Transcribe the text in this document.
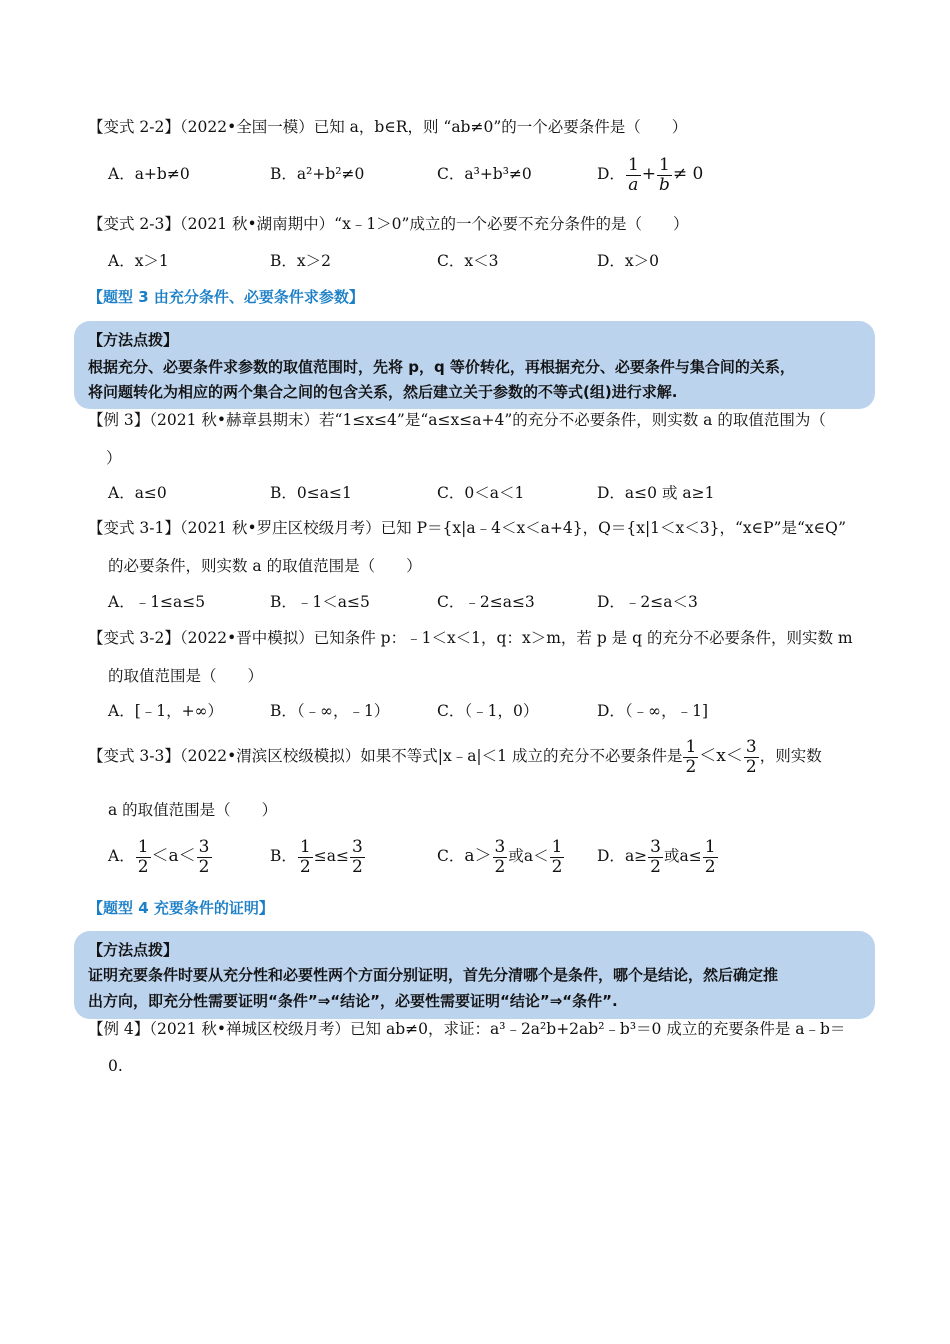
【变式 2-2】（2022•全国一模）已知 a，b∈R，则 “ab≠0”的一个必要条件是（　　）
A．a+b≠0	B．a²+b²≠0	C．a³+b³≠0	D． $\frac{1}{a} + \frac{1}{b} \ne 0$
【变式 2-3】（2021 秋•湖南期中）“x﹣1＞0”成立的一个必要不充分条件的是（　　）
A．x＞1	B．x＞2	C．x＜3	D．x＞0
【题型 3 由充分条件、必要条件求参数】
【方法点拨】
根据充分、必要条件求参数的取值范围时，先将 p，q 等价转化，再根据充分、必要条件与集合间的关系，
将问题转化为相应的两个集合之间的包含关系，然后建立关于参数的不等式(组)进行求解.
【例 3】（2021 秋•赫章县期末）若“1≤x≤4”是“a≤x≤a+4”的充分不必要条件，则实数 a 的取值范围为（
）
A．a≤0	B．0≤a≤1	C．0＜a＜1	D．a≤0 或 a≥1
【变式 3-1】（2021 秋•罗庄区校级月考）已知 P＝{x|a﹣4＜x＜a+4}，Q＝{x|1＜x＜3}，“x∈P”是“x∈Q”
的必要条件，则实数 a 的取值范围是（　　）
A．﹣1≤a≤5	B．﹣1＜a≤5	C．﹣2≤a≤3	D．﹣2≤a＜3
【变式 3-2】（2022•晋中模拟）已知条件 p：﹣1＜x＜1，q：x＞m，若 p 是 q 的充分不必要条件，则实数 m
的取值范围是（　　）
A．[﹣1，+∞）	B．（﹣∞，﹣1）	C．（﹣1，0）	D．（﹣∞，﹣1]
【变式 3-3】（2022•渭滨区校级模拟）如果不等式|x﹣a|＜1 成立的充分不必要条件是 $\frac{1}{2} <x< \frac{3}{2}$ ，则实数
a 的取值范围是（　　）
A． $\frac{1}{2} <a< \frac{3}{2}$	B． $\frac{1}{2} \le a\le \frac{3}{2}$	C．$a> \frac{3}{2}$ 或$a< \frac{1}{2}$ D．$a\ge \frac{3}{2}$ 或$a\le \frac{1}{2}$
【题型 4 充要条件的证明】
【方法点拨】
证明充要条件时要从充分性和必要性两个方面分别证明，首先分清哪个是条件，哪个是结论，然后确定推
出方向，即充分性需要证明“条件”⇒“结论”，必要性需要证明“结论”⇒“条件”.
【例 4】（2021 秋•禅城区校级月考）已知 ab≠0，求证：a³﹣2a²b+2ab²﹣b³＝0 成立的充要条件是 a﹣b＝
0.
